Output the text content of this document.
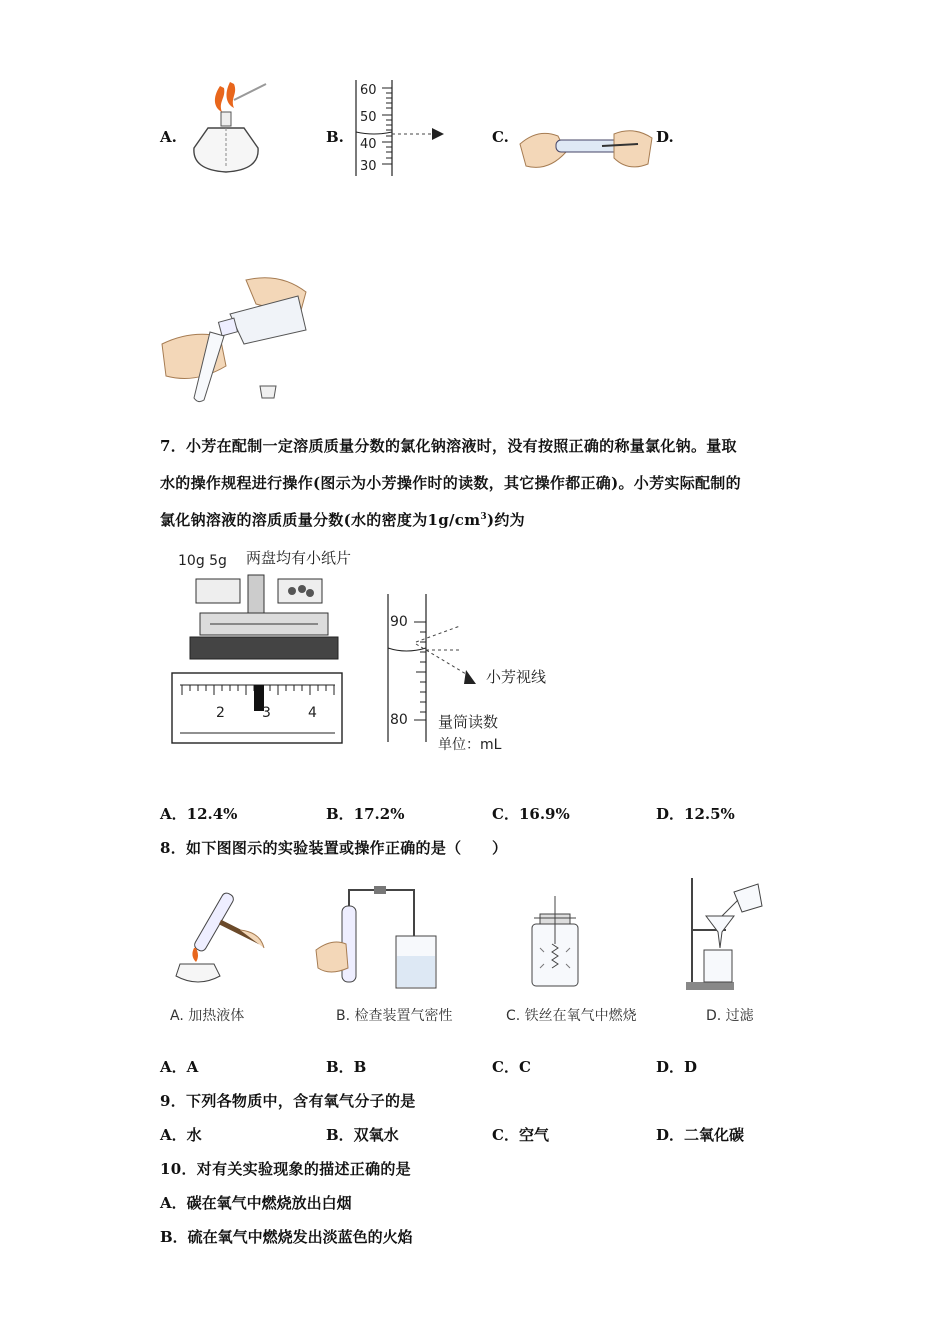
A.	B.
60
50
40
30
C.	D.
7．小芳在配制一定溶质质量分数的氯化钠溶液时，没有按照正确的称量氯化钠。量取
水的操作规程进行操作(图示为小芳操作时的读数，其它操作都正确)。小芳实际配制的
氯化钠溶液的溶质质量分数(水的密度为$1g/cm^3$)约为
10g 5g 两盘均有小纸片
2	3	4
90
80
小芳视线
量筒读数
单位：mL
A．12.4%	B．17.2%	C．16.9%	D．12.5%
8．如下图图示的实验装置或操作正确的是（　　）
A. 加热液体	B. 检查装置气密性	C. 铁丝在氧气中燃烧	D. 过滤
A．A	B．B	C．C	D．D
9．下列各物质中，含有氧气分子的是
A．水	B．双氧水	C．空气	D．二氧化碳
10．对有关实验现象的描述正确的是
A．碳在氧气中燃烧放出白烟
B．硫在氧气中燃烧发出淡蓝色的火焰
